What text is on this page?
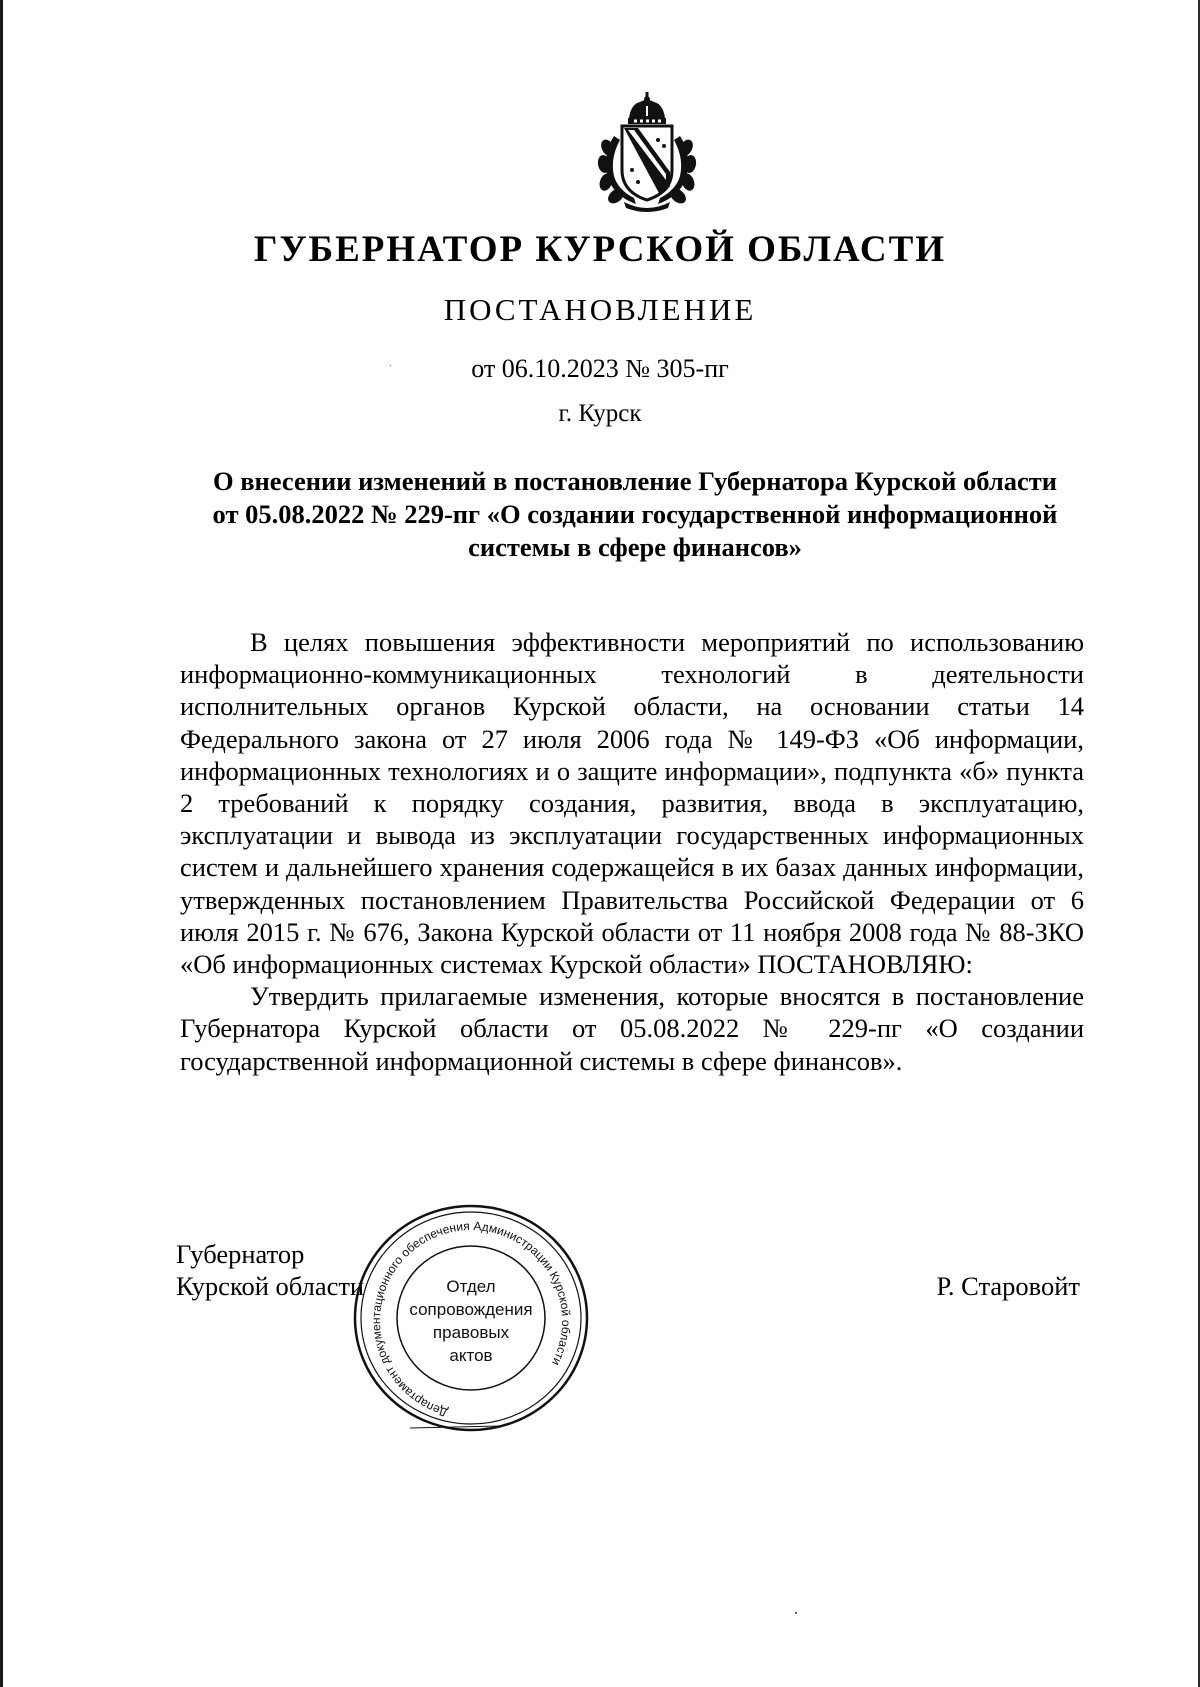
ГУБЕРНАТОР КУРСКОЙ ОБЛАСТИ
ПОСТАНОВЛЕНИЕ
от 06.10.2023 № 305-пг
г. Курск
О внесении изменений в постановление Губернатора Курской области
от 05.08.2022 № 229-пг «О создании государственной информационной
системы в сфере финансов»

В целях повышения эффективности мероприятий по использованию информационно-коммуникационных технологий в деятельности исполнительных органов Курской области, на основании статьи 14 Федерального закона от 27 июля 2006 года № 149-ФЗ «Об информации, информационных технологиях и о защите информации», подпункта «б» пункта 2 требований к порядку создания, развития, ввода в эксплуатацию, эксплуатации и вывода из эксплуатации государственных информационных систем и дальнейшего хранения содержащейся в их базах данных информации, утвержденных постановлением Правительства Российской Федерации от 6 июля 2015 г. № 676, Закона Курской области от 11 ноября 2008 года № 88-ЗКО «Об информационных системах Курской области» ПОСТАНОВЛЯЮ:

Утвердить прилагаемые изменения, которые вносятся в постановление Губернатора Курской области от 05.08.2022 № 229-пг «О создании государственной информационной системы в сфере финансов».

Губернатор
Курской области	Р. Старовойт
Департамент документационного обеспечения Администрации Курской области
Отдел
сопровождения
правовых
актов
